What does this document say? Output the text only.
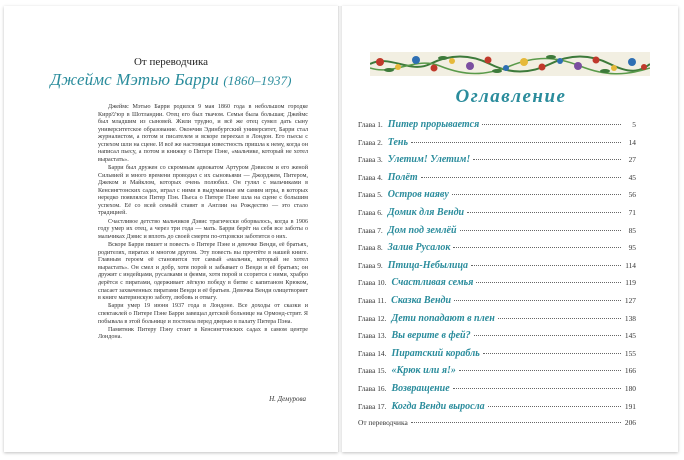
От переводчика
Джеймс Мэтью Барри (1860–1937)

Джеймс Мэтью Барри родился 9 мая 1860 года в небольшом городке Киррימюр в Шотландии. Отец его был ткачом. Семья была большая; Джеймс был младшим из сыновей. Жили трудно, и всё же отец сумел дать сыну университетское образование. Окончив Эдинбургский университет, Барри стал журналистом, а потом и писателем и вскоре переехал в Лондон. Его пьесы с успехом шли на сцене. И всё же настоящая известность пришла к нему, когда он написал пьесу, а потом и книжку о Питере Пэне, «мальчике, который не хотел вырастать».

Барри был дружен со скромным адвокатом Артуром Дэвисом и его женой Сильвией и много времени проводил с их сыновьями — Джорджем, Питером, Джеком и Майклом, которых очень полюбил. Он гулял с мальчиками в Кенсингтонских садах, играл с ними в выдуманные им самим игры, в которых нередко появлялся Питер Пэн. Пьеса о Питере Пэне шла на сцене с большим успехом. Её со всей семьёй ставят в Англии на Рождество — это стало традицией.

Счастливое детство мальчиков Дэвис трагически оборвалось, когда в 1906 году умер их отец, а через три года — мать. Барри берёт на себя все заботы о мальчиках Дэвис и вплоть до своей смерти по-отцовски заботится о них.

Вскоре Барри пишет и повесть о Питере Пэне и девочке Венди, её братьях, родителях, пиратах и многом другом. Эту повесть вы прочтёте в нашей книге. Главным героем её становится тот самый «мальчик, который не хотел вырастать». Он смел и добр, хотя порой и забывает о Венди и её братьях; он дружит с индейцами, русалками и феями, хотя порой и ссорится с ними, храбро дерётся с пиратами, одерживает лёгкую победу в битве с капитаном Крюком, спасает захваченных пиратами Венди и её братьев. Девочка Венди олицетворяет в книге материнскую заботу, любовь и отвагу.

Барри умер 19 июня 1937 года в Лондоне. Все доходы от сказки и спектаклей о Питере Пэне Барри завещал детской больнице на Ормонд-стрит. Я побывала в этой больнице и постояла перед дверью в палату Питера Пэна.

Памятник Питеру Пэну стоит в Кенсингтонских садах в самом центре Лондона.

Н. Демурова
Оглавление
Глава 1. Питер прорывается	5
Глава 2. Тень	14
Глава 3. Улетим! Улетим!	27
Глава 4. Полёт	45
Глава 5. Остров наяву	56
Глава 6. Домик для Венди	71
Глава 7. Дом под землёй	85
Глава 8. Залив Русалок	95
Глава 9. Птица-Небылица	114
Глава 10. Счастливая семья	119
Глава 11. Сказка Венди	127
Глава 12. Дети попадают в плен	138
Глава 13. Вы верите в фей?	145
Глава 14. Пиратский корабль	155
Глава 15. «Крюк или я!»	166
Глава 16. Возвращение	180
Глава 17. Когда Венди выросла	191
От переводчика	206
